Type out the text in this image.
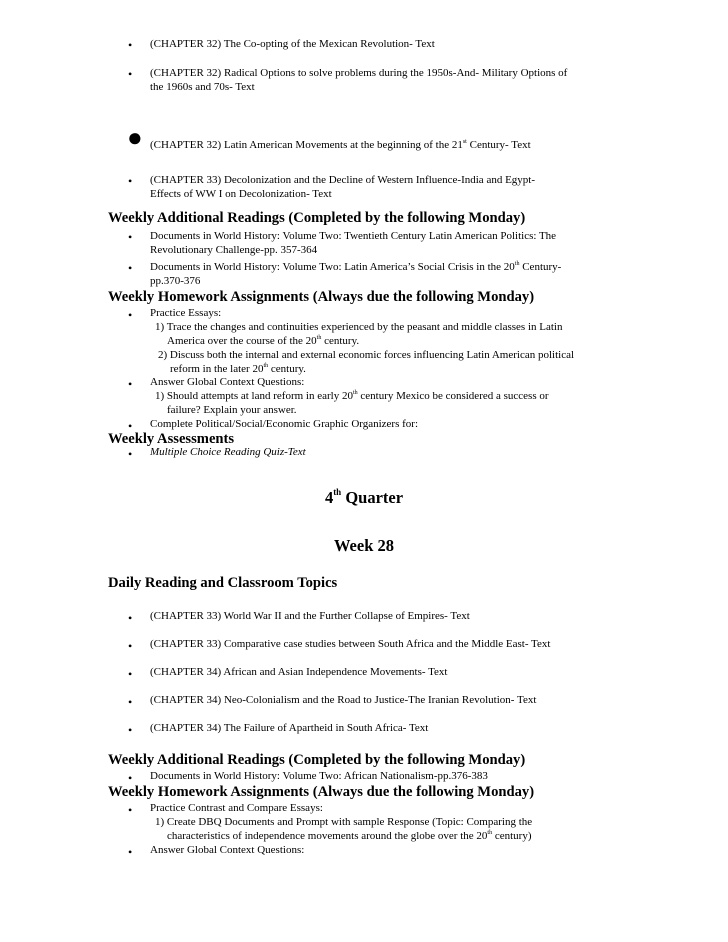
• (CHAPTER 32) The Co-opting of the Mexican Revolution- Text
• (CHAPTER 32) Radical Options to solve problems during the 1950s-And- Military Options of
the 1960s and 70s- Text
● (CHAPTER 32) Latin American Movements at the beginning of the 21st Century- Text
• (CHAPTER 33) Decolonization and the Decline of Western Influence-India and Egypt-
Effects of WW I on Decolonization- Text
Weekly Additional Readings (Completed by the following Monday)
• Documents in World History: Volume Two: Twentieth Century Latin American Politics: The
Revolutionary Challenge-pp. 357-364
• Documents in World History: Volume Two: Latin America’s Social Crisis in the 20th Century-
pp.370-376
Weekly Homework Assignments (Always due the following Monday)
• Practice Essays:
1) Trace the changes and continuities experienced by the peasant and middle classes in Latin
America over the course of the 20th century.
2) Discuss both the internal and external economic forces influencing Latin American political
reform in the later 20th century.
• Answer Global Context Questions:
1) Should attempts at land reform in early 20th century Mexico be considered a success or
failure? Explain your answer.
• Complete Political/Social/Economic Graphic Organizers for:
Weekly Assessments
• Multiple Choice Reading Quiz-Text
4th Quarter
Week 28
Daily Reading and Classroom Topics
• (CHAPTER 33) World War II and the Further Collapse of Empires- Text
• (CHAPTER 33) Comparative case studies between South Africa and the Middle East- Text
• (CHAPTER 34) African and Asian Independence Movements- Text
• (CHAPTER 34) Neo-Colonialism and the Road to Justice-The Iranian Revolution- Text
• (CHAPTER 34) The Failure of Apartheid in South Africa- Text
Weekly Additional Readings (Completed by the following Monday)
• Documents in World History: Volume Two: African Nationalism-pp.376-383
Weekly Homework Assignments (Always due the following Monday)
• Practice Contrast and Compare Essays:
1) Create DBQ Documents and Prompt with sample Response (Topic: Comparing the
characteristics of independence movements around the globe over the 20th century)
• Answer Global Context Questions:
